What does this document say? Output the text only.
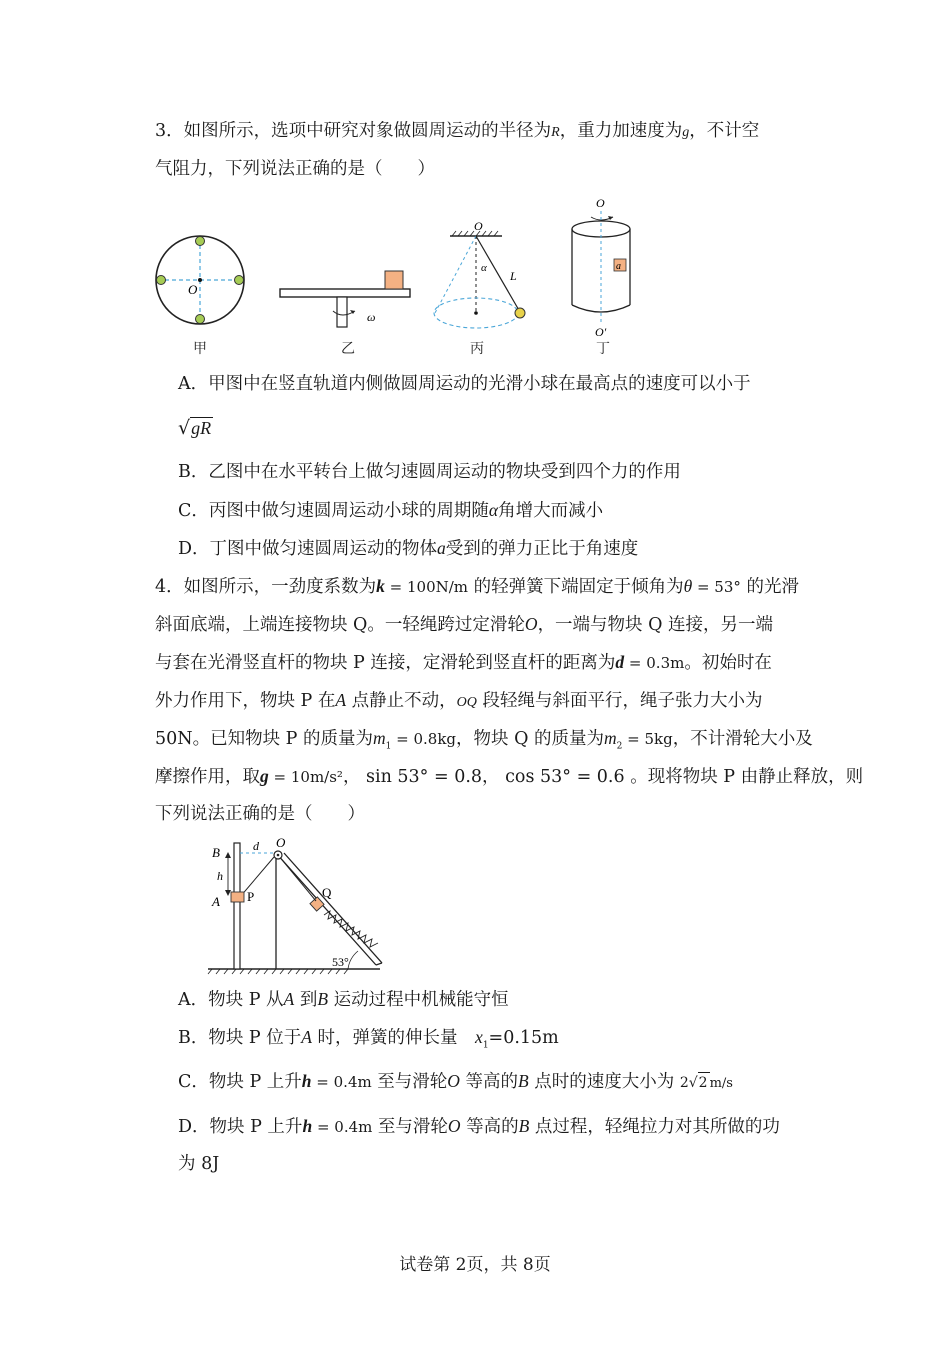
3．如图所示，选项中研究对象做圆周运动的半径为R，重力加速度为g，不计空
气阻力，下列说法正确的是（　　）
O
甲
ω
乙
O
α
L
丙
O
a
O′
丁
A．甲图中在竖直轨道内侧做圆周运动的光滑小球在最高点的速度可以小于
√gR
B．乙图中在水平转台上做匀速圆周运动的物块受到四个力的作用
C．丙图中做匀速圆周运动小球的周期随α角增大而减小
D．丁图中做匀速圆周运动的物体a受到的弹力正比于角速度
4．如图所示，一劲度系数为k = 100N/m 的轻弹簧下端固定于倾角为θ = 53° 的光滑
斜面底端，上端连接物块 Q。一轻绳跨过定滑轮O，一端与物块 Q 连接，另一端
与套在光滑竖直杆的物块 P 连接，定滑轮到竖直杆的距离为d = 0.3m。初始时在
外力作用下，物块 P 在A 点静止不动，OQ 段轻绳与斜面平行，绳子张力大小为
50N。已知物块 P 的质量为$m_1 = 0.8kg$，物块 Q 的质量为$m_2 = 5kg$，不计滑轮大小及
摩擦作用，取g = 10m/s²， sin 53° = 0.8， cos 53° = 0.6 。现将物块 P 由静止释放，则
下列说法正确的是（　　）
B	d O
h
A P	Q
53°
A．物块 P 从A 到B 运动过程中机械能守恒
B．物块 P 位于A 时，弹簧的伸长量　$x_1=0.15m$
C．物块 P 上升h = 0.4m 至与滑轮O 等高的B 点时的速度大小为 2√2 m/s
D．物块 P 上升h = 0.4m 至与滑轮O 等高的B 点过程，轻绳拉力对其所做的功
为 8J
试卷第 2页，共 8页
